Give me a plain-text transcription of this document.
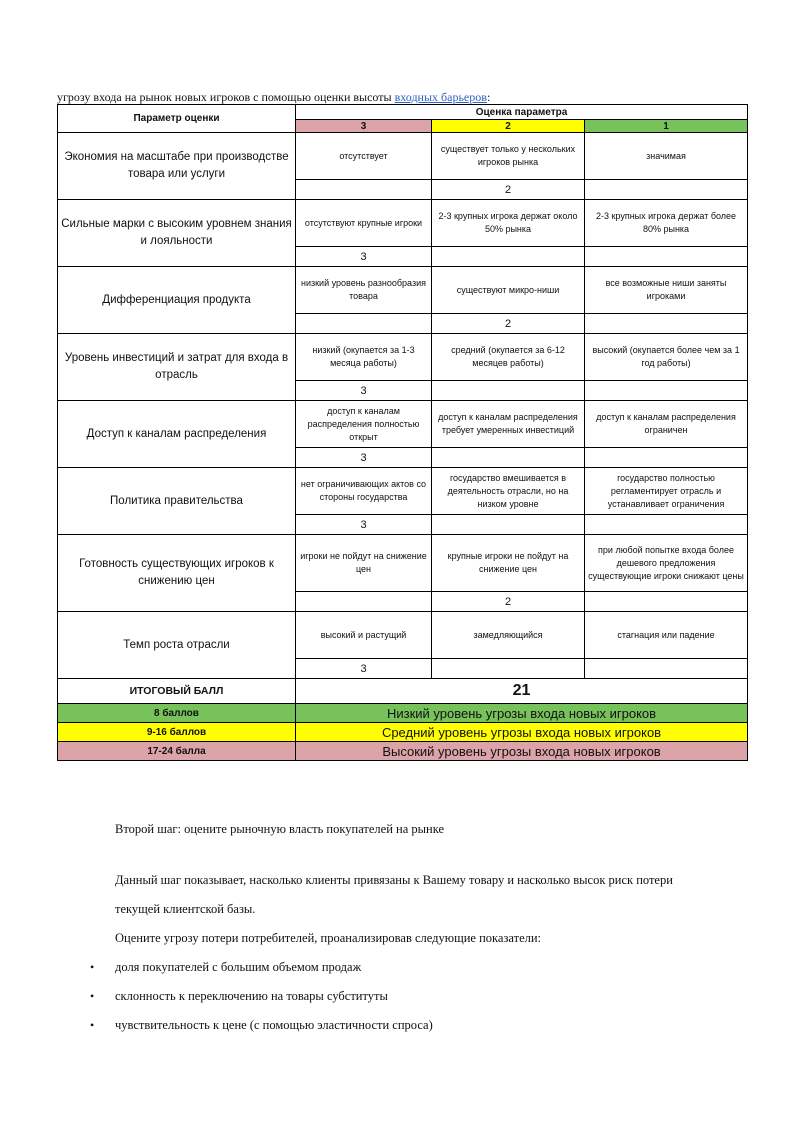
угрозу входа на рынок новых игроков с помощью оценки высоты входных барьеров:
Параметр оценки	Оценка параметра		
	3	2	1
Экономия на масштабе при производстве товара или услуги	отсутствует	существует только у нескольких игроков рынка	значимая
		2	
Сильные марки с высоким уровнем знания и лояльности	отсутствуют крупные игроки	2-3 крупных игрока держат около 50% рынка	2-3 крупных игрока держат более 80% рынка
	3		
Дифференциация продукта	низкий уровень разнообразия товара	существуют микро-ниши	все возможные ниши заняты игроками
		2	
Уровень инвестиций и затрат для входа в отрасль	низкий (окупается за 1-3 месяца работы)	средний (окупается за 6-12 месяцев работы)	высокий (окупается более чем за 1 год работы)
	3		
Доступ к каналам распределения	доступ к каналам распределения полностью открыт	доступ к каналам распределения требует умеренных инвестиций	доступ к каналам распределения ограничен
	3		
Политика правительства	нет ограничивающих актов со стороны государства	государство вмешивается в деятельность отрасли, но на низком уровне	государство полностью регламентирует отрасль и устанавливает ограничения
	3		
Готовность существующих игроков к снижению цен	игроки не пойдут на снижение цен	крупные игроки не пойдут на снижение цен	при любой попытке входа более дешевого предложения существующие игроки снижают цены
		2	
Темп роста отрасли	высокий и растущий	замедляющийся	стагнация или падение
	3		
ИТОГОВЫЙ БАЛЛ	21		
8 баллов	Низкий уровень угрозы входа новых игроков		
9-16 баллов	Средний уровень угрозы входа новых игроков		
17-24 балла	Высокий уровень угрозы входа новых игроков		
Второй шаг: оцените рыночную власть покупателей на рынке
Данный шаг показывает, насколько клиенты привязаны к Вашему товару и насколько высок риск потери
текущей клиентской базы.
Оцените угрозу потери потребителей, проанализировав следующие показатели:
• доля покупателей с большим объемом продаж
• склонность к переключению на товары субституты
• чувствительность к цене (с помощью эластичности спроса)
